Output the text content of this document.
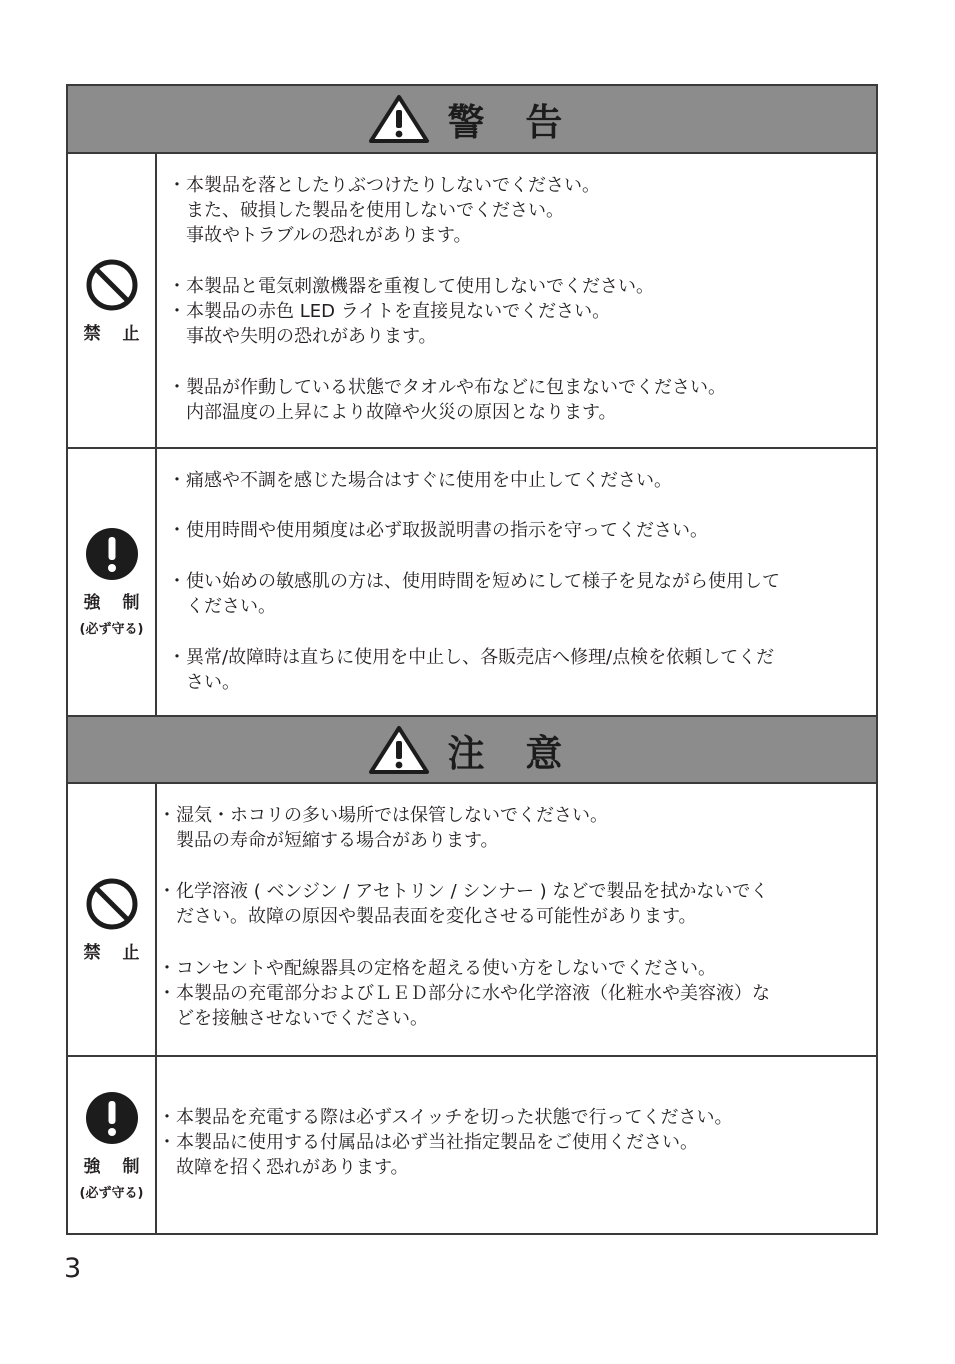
警 告
禁 止
・本製品を落としたりぶつけたりしないでください。
　また、破損した製品を使用しないでください。
　事故やトラブルの恐れがあります。
・本製品と電気刺激機器を重複して使用しないでください。
・本製品の赤色 LED ライトを直接見ないでください。
　事故や失明の恐れがあります。
・製品が作動している状態でタオルや布などに包まないでください。
　内部温度の上昇により故障や火災の原因となります。
強 制
(必ず守る)
・痛感や不調を感じた場合はすぐに使用を中止してください。
・使用時間や使用頻度は必ず取扱説明書の指示を守ってください。
・使い始めの敏感肌の方は、使用時間を短めにして様子を見ながら使用して
　ください。
・異常/故障時は直ちに使用を中止し、各販売店へ修理/点検を依頼してくだ
　さい。
注 意
禁 止
・湿気・ホコリの多い場所では保管しないでください。
　製品の寿命が短縮する場合があります。
・化学溶液 ( ベンジン / アセトリン / シンナー ) などで製品を拭かないでく
　ださい。故障の原因や製品表面を変化させる可能性があります。
・コンセントや配線器具の定格を超える使い方をしないでください。
・本製品の充電部分およびＬＥＤ部分に水や化学溶液（化粧水や美容液）な
　どを接触させないでください。
強 制
(必ず守る)
・本製品を充電する際は必ずスイッチを切った状態で行ってください。
・本製品に使用する付属品は必ず当社指定製品をご使用ください。
　故障を招く恐れがあります。
3
